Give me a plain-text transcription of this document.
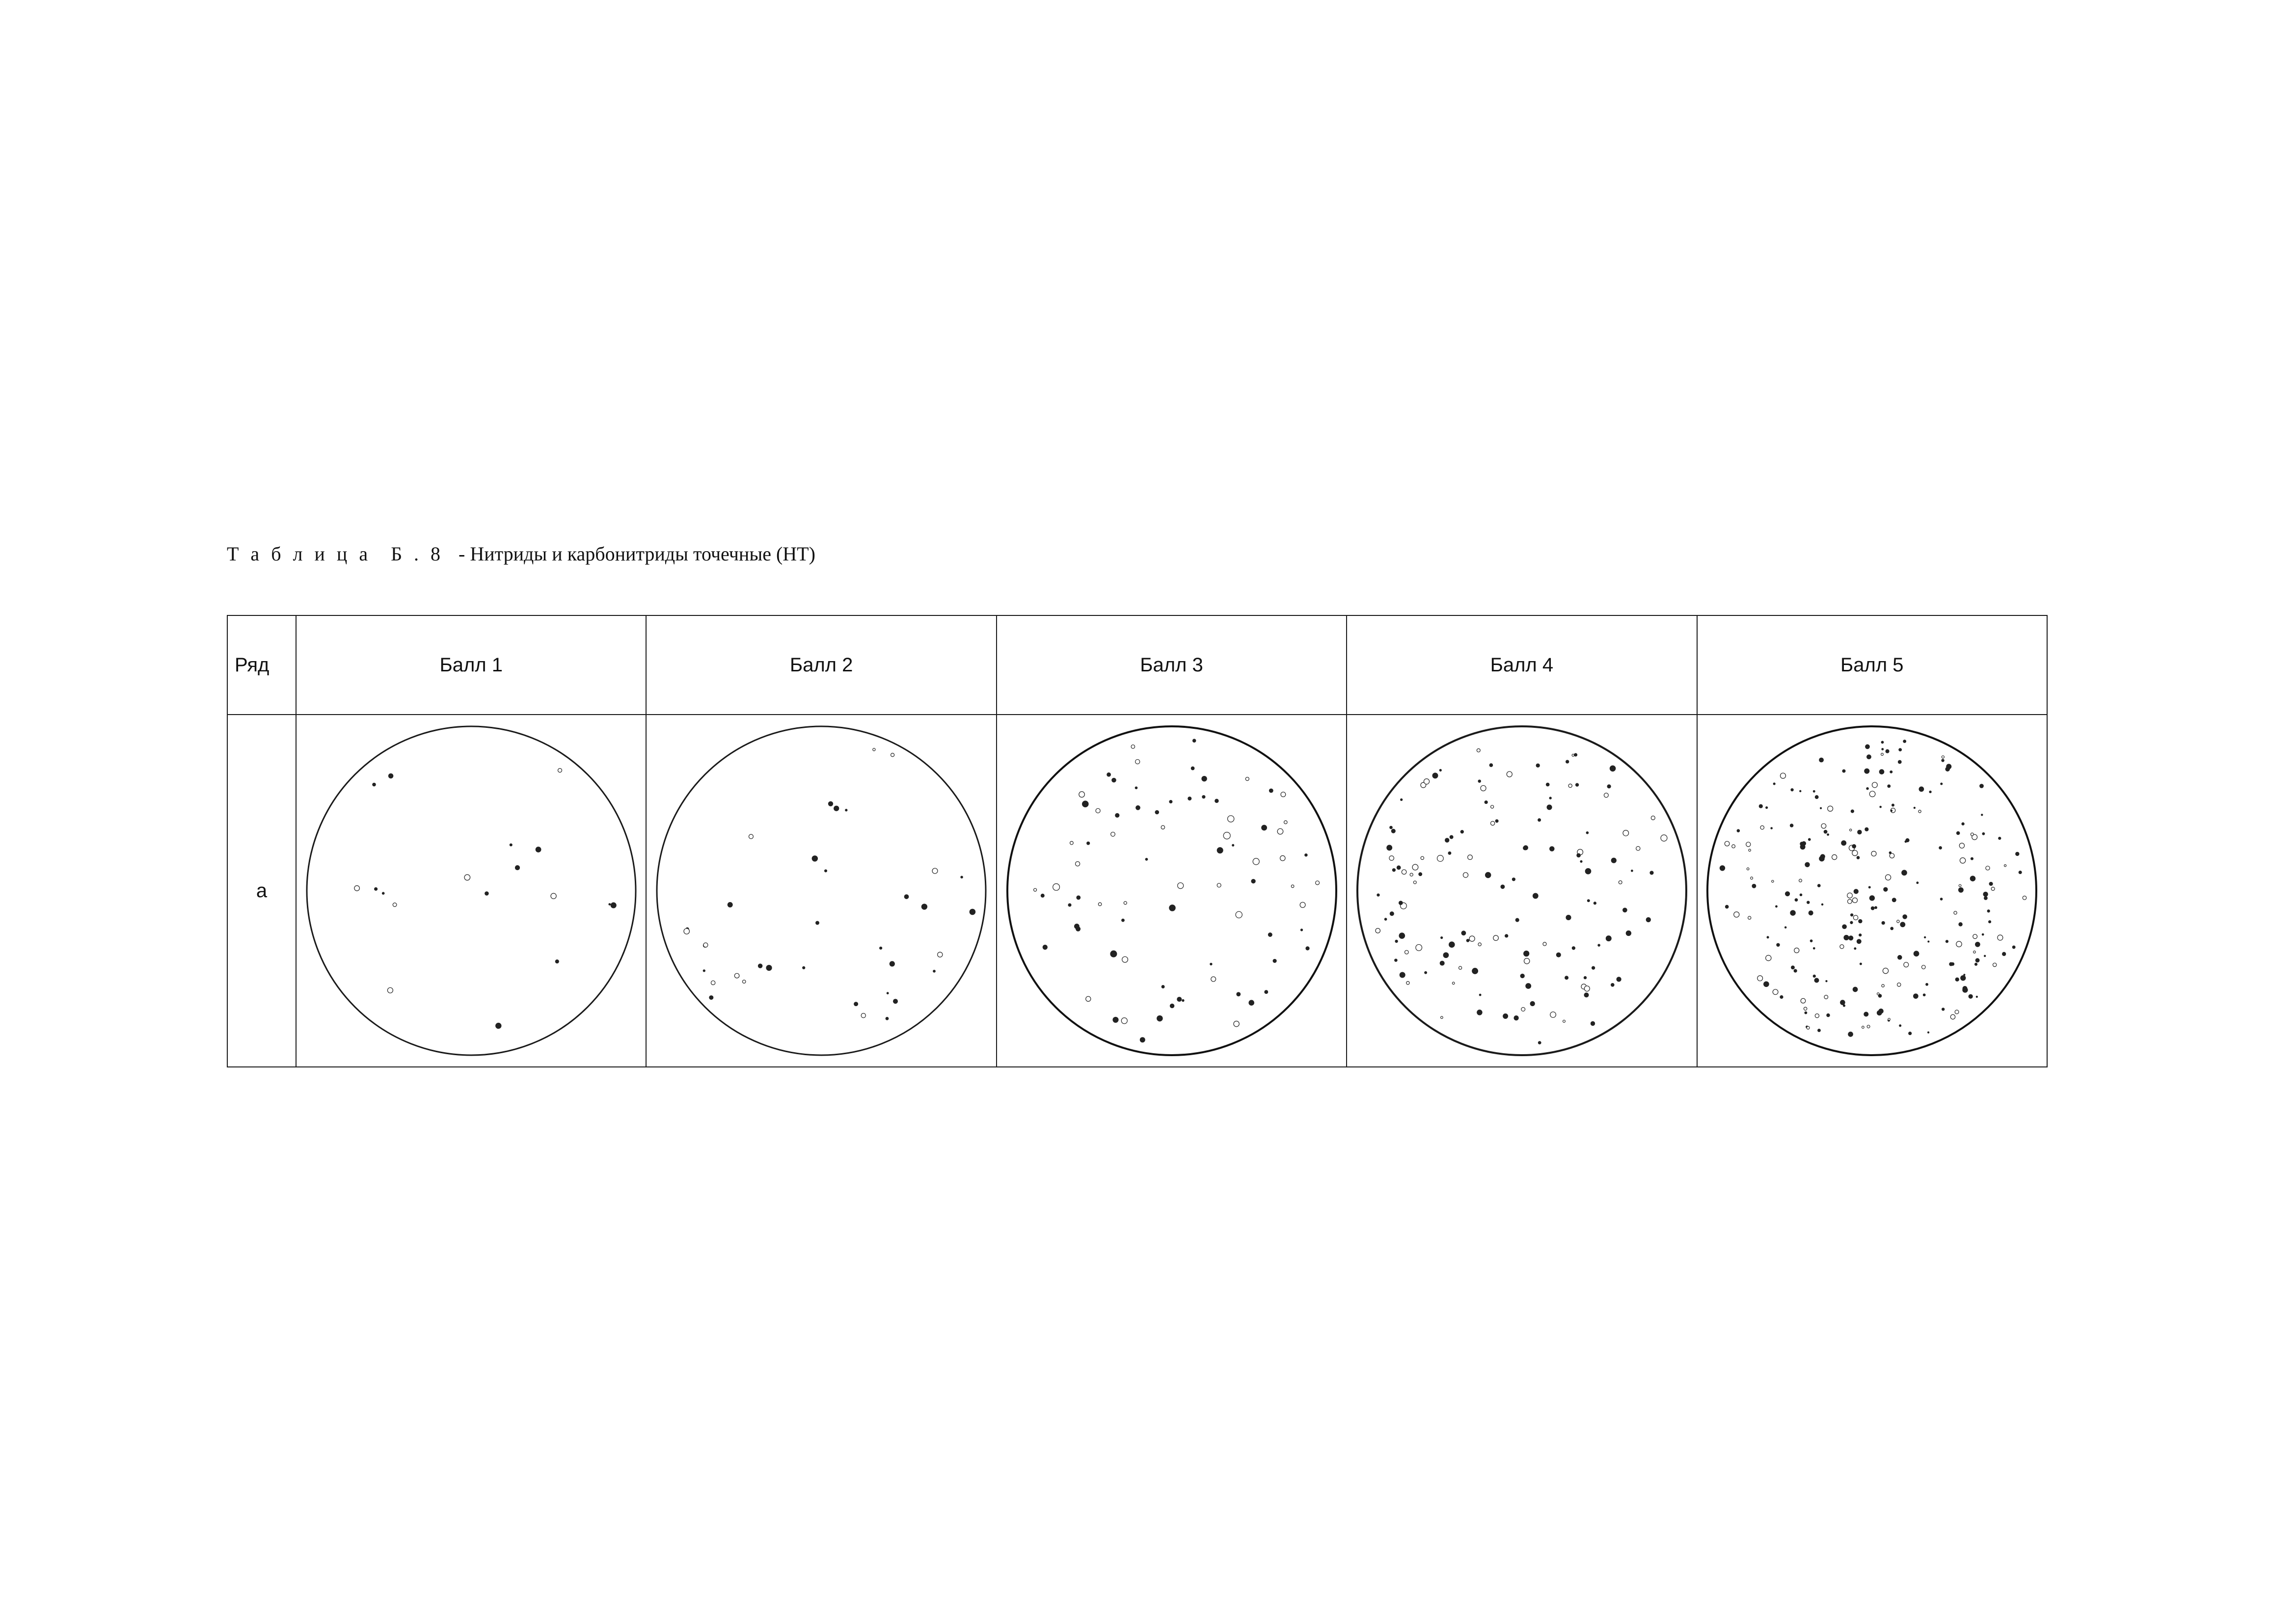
Т а б л и ц а Б . 8 - Нитриды и карбонитриды точечные (НТ)
Ряд	Балл 1	Балл 2	Балл 3	Балл 4	Балл 5
а	
